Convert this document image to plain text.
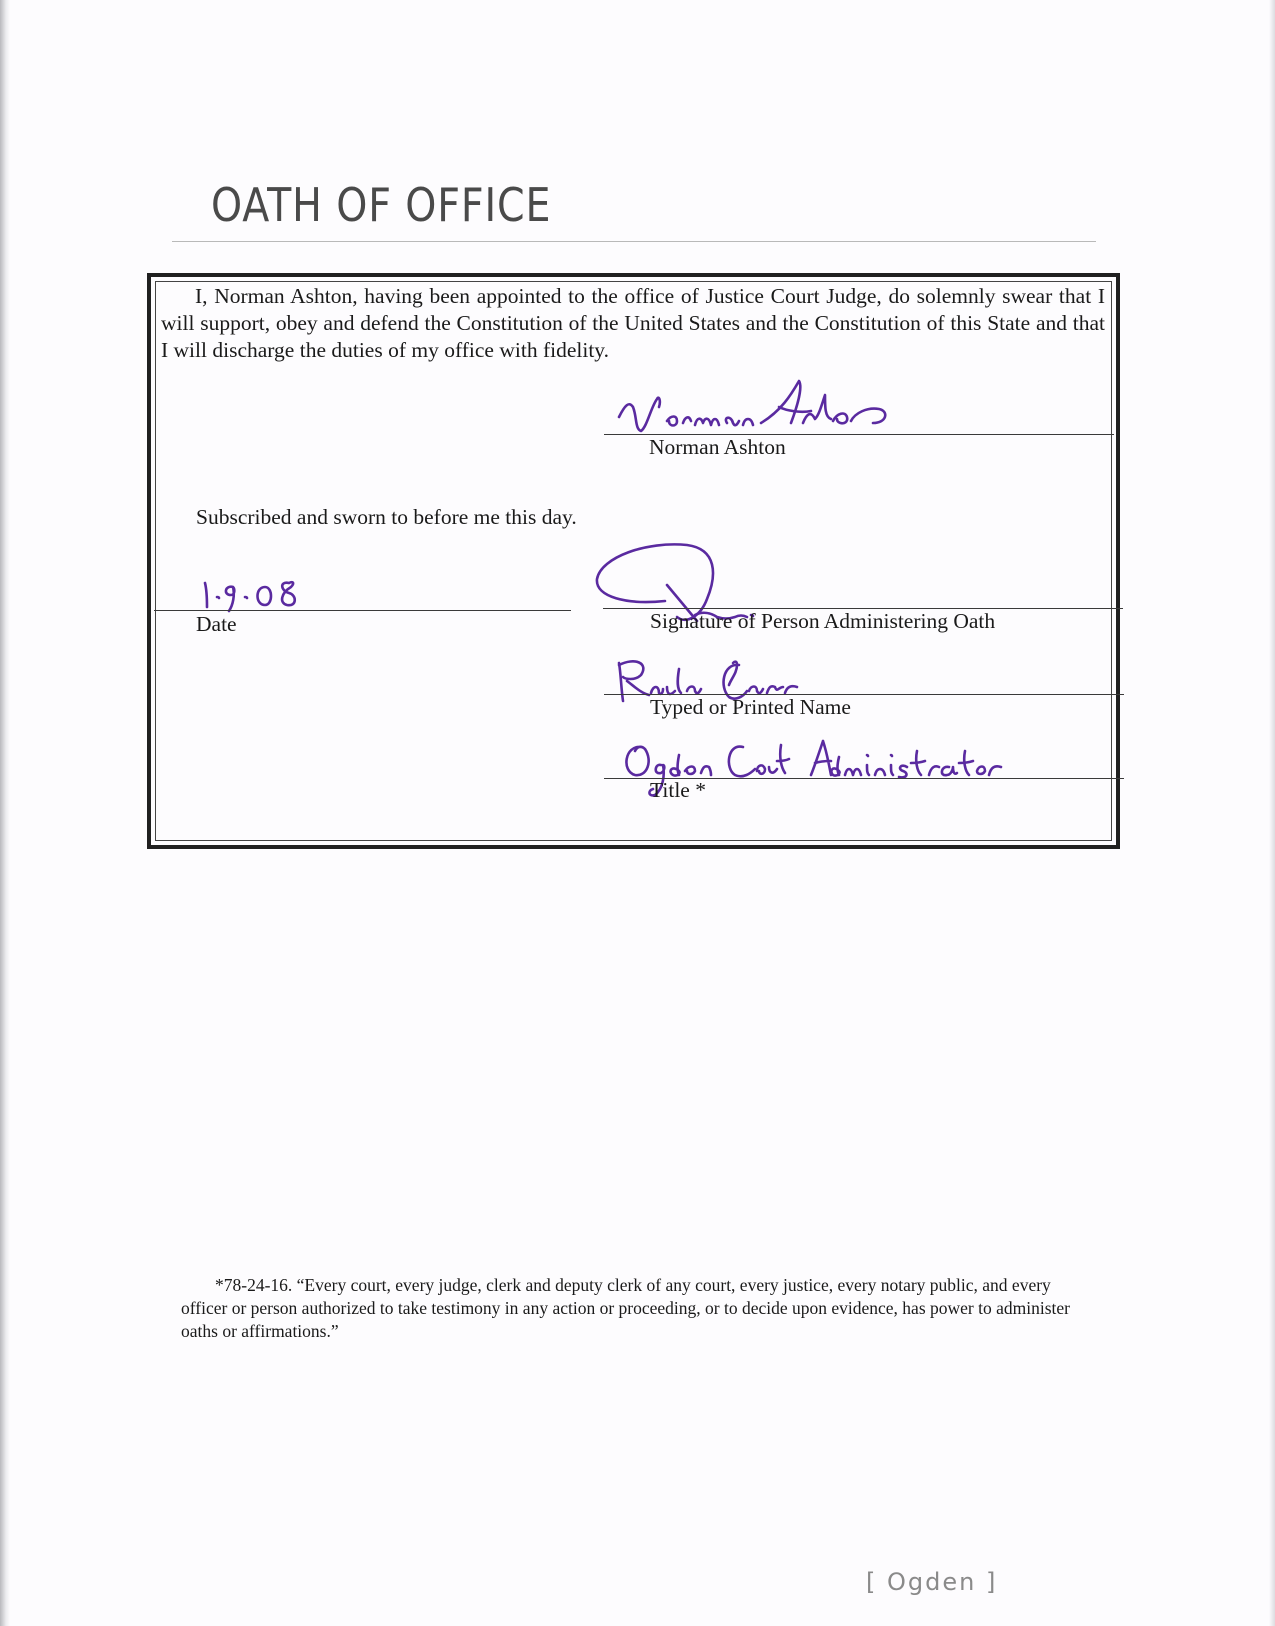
OATH OF OFFICE

I, Norman Ashton, having been appointed to the office of Justice Court Judge, do solemnly swear that I will support, obey and defend the Constitution of the United States and the Constitution of this State and that I will discharge the duties of my office with fidelity.

Norman Ashton
Subscribed and sworn to before me this day.
Date	Signature of Person Administering Oath
Typed or Printed Name
Title *

*78-24-16. “Every court, every judge, clerk and deputy clerk of any court, every justice, every notary public, and every officer or person authorized to take testimony in any action or proceeding, or to decide upon evidence, has power to administer oaths or affirmations.”

[ Ogden ]
